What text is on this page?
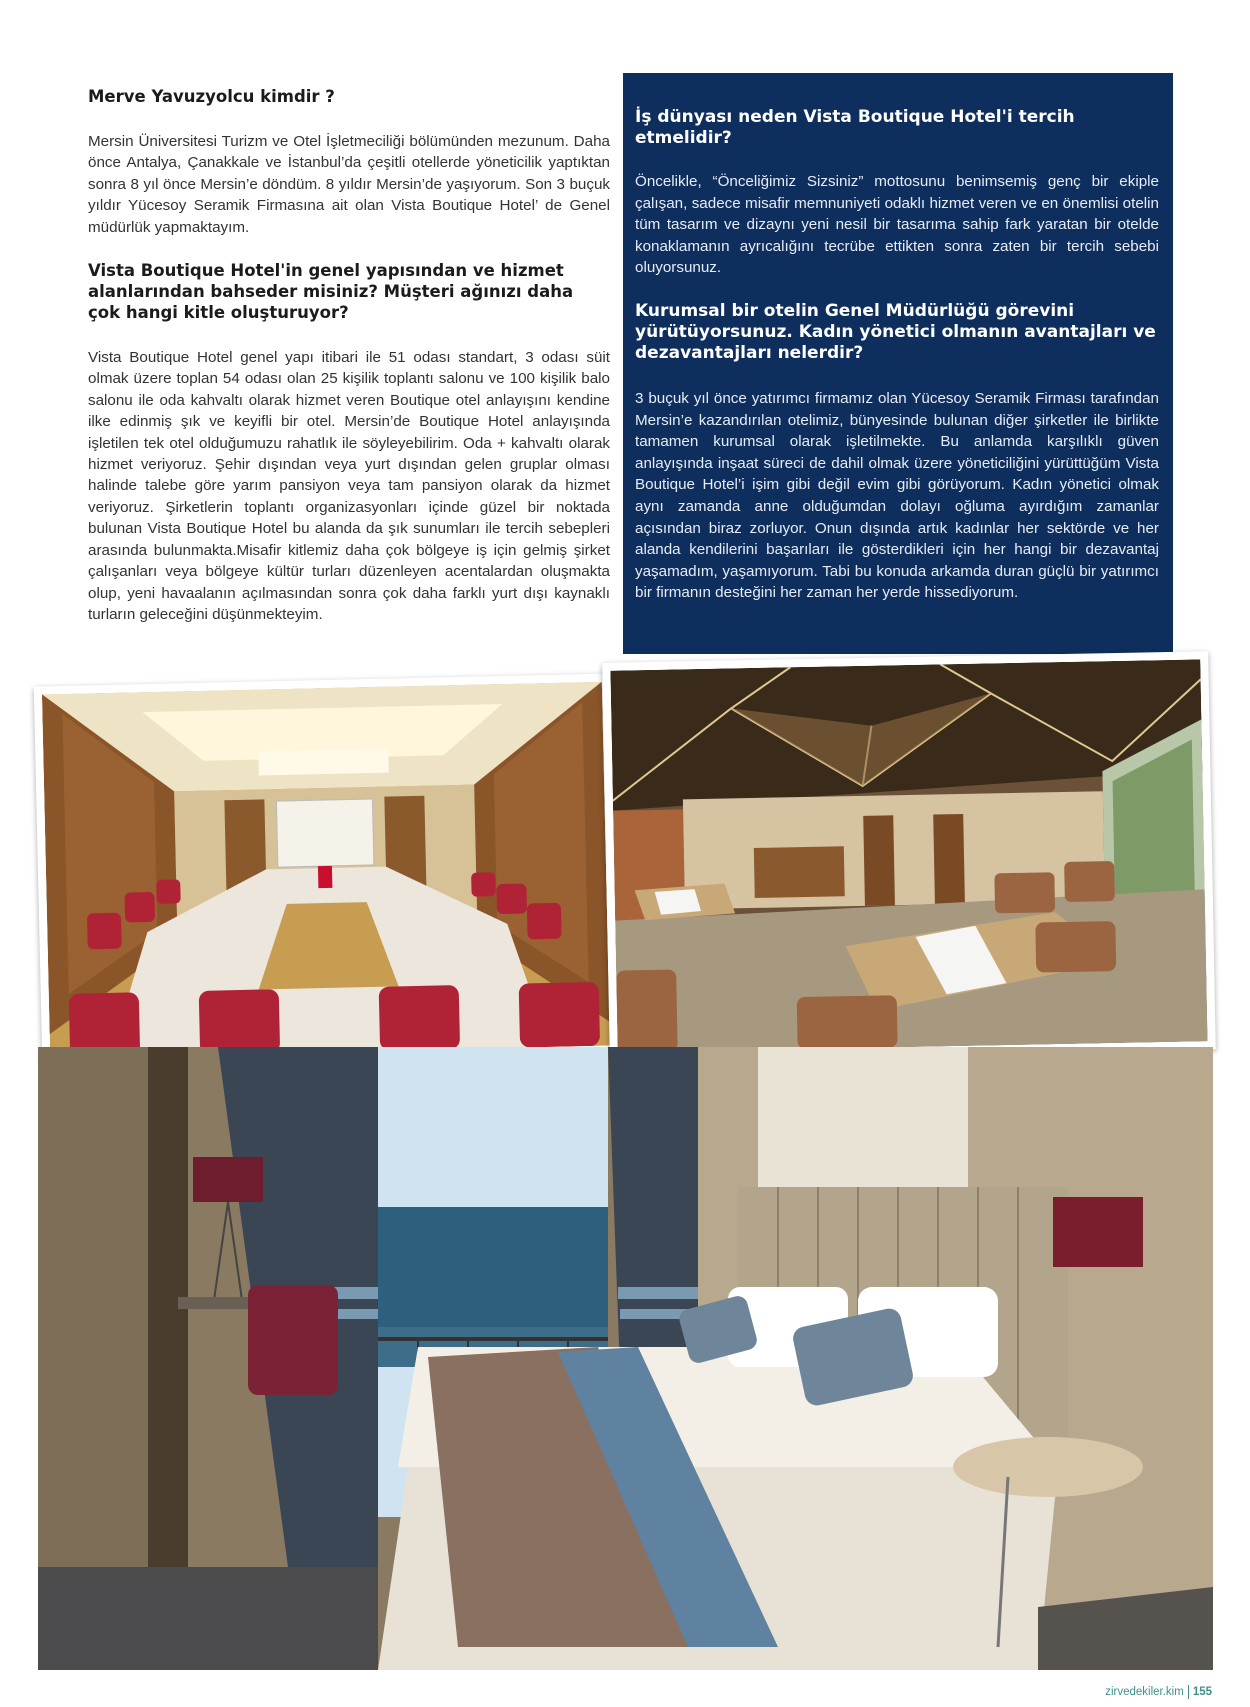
Merve Yavuzyolcu kimdir ?

Mersin Üniversitesi Turizm ve Otel İşletmeciliği bölümünden mezunum. Daha önce Antalya, Çanakkale ve İstanbul’da çeşitli otellerde yöneticilik yaptıktan sonra 8 yıl önce Mersin’e döndüm. 8 yıldır Mersin’de yaşıyorum. Son 3 buçuk yıldır Yücesoy Seramik Firmasına ait olan Vista Boutique Hotel’ de Genel müdürlük yapmaktayım.

Vista Boutique Hotel'in genel yapısından ve hizmet alanlarından bahseder misiniz? Müşteri ağınızı daha çok hangi kitle oluşturuyor?

Vista Boutique Hotel genel yapı itibari ile 51 odası standart, 3 odası süit olmak üzere toplan 54 odası olan 25 kişilik toplantı salonu ve 100 kişilik balo salonu ile oda kahvaltı olarak hizmet veren Boutique otel anlayışını kendine ilke edinmiş şık ve keyifli bir otel. Mersin’de Boutique Hotel anlayışında işletilen tek otel olduğumuzu rahatlık ile söyleyebilirim. Oda + kahvaltı olarak hizmet veriyoruz. Şehir dışından veya yurt dışından gelen gruplar olması halinde talebe göre yarım pansiyon veya tam pansiyon olarak da hizmet veriyoruz. Şirketlerin toplantı organizasyonları içinde güzel bir noktada bulunan Vista Boutique Hotel bu alanda da şık sunumları ile tercih sebepleri arasında bulunmakta.Misafir kitlemiz daha çok bölgeye iş için gelmiş şirket çalışanları veya bölgeye kültür turları düzenleyen acentalardan oluşmakta olup, yeni havaalanın açılmasından sonra çok daha farklı yurt dışı kaynaklı turların geleceğini düşünmekteyim.

İş dünyası neden Vista Boutique Hotel'i tercih etmelidir?

Öncelikle, “Önceliğimiz Sizsiniz” mottosunu benimsemiş genç bir ekiple çalışan, sadece misafir memnuniyeti odaklı hizmet veren ve en önemlisi otelin tüm tasarım ve dizaynı yeni nesil bir tasarıma sahip fark yaratan bir otelde konaklamanın ayrıcalığını tecrübe ettikten sonra zaten bir tercih sebebi oluyorsunuz.

Kurumsal bir otelin Genel Müdürlüğü görevini yürütüyorsunuz. Kadın yönetici olmanın avantajları ve dezavantajları nelerdir?

3 buçuk yıl önce yatırımcı firmamız olan Yücesoy Seramik Firması tarafından Mersin’e kazandırılan otelimiz, bünyesinde bulunan diğer şirketler ile birlikte tamamen kurumsal olarak işletilmekte. Bu anlamda karşılıklı güven anlayışında inşaat süreci de dahil olmak üzere yöneticiliğini yürüttüğüm Vista Boutique Hotel’i işim gibi değil evim gibi görüyorum. Kadın yönetici olmak aynı zamanda anne olduğumdan dolayı oğluma ayırdığım zamanlar açısından biraz zorluyor. Onun dışında artık kadınlar her sektörde ve her alanda kendilerini başarıları ile gösterdikleri için her hangi bir dezavantaj yaşamadım, yaşamıyorum. Tabi bu konuda arkamda duran güçlü bir yatırımcı bir firmanın desteğini her zaman her yerde hissediyorum.

zirvedekiler.kim 155
